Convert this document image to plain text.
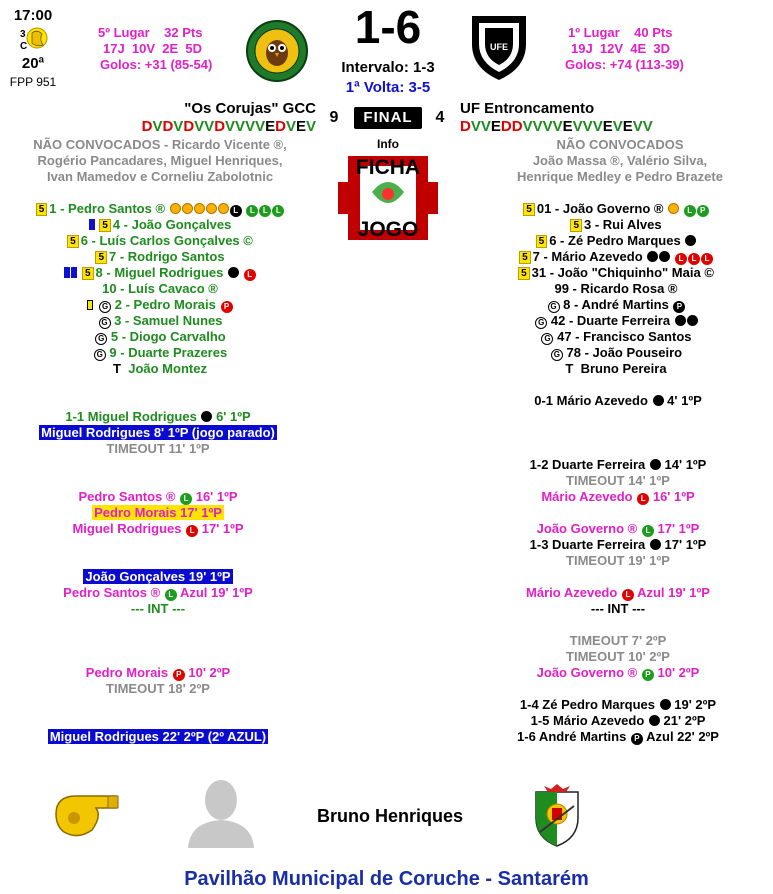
17:00
3
C
20ª
FPP 951
5º Lugar 32 Pts
17J  10V  2E  5D
Golos: +31 (85-54)
1-6
Intervalo: 1-3
1ª Volta: 3-5
UFE
1º Lugar 40 Pts
19J  12V  4E  3D
Golos: +74 (113-39)
"Os Corujas" GCC
DVDVDVVDVVVVEDVEV
9	FINAL	4
UF Entroncamento
DVVEDDVVVVEVVVEVEVV
Info
FICHA
JOGO
NÃO CONVOCADOS - Ricardo Vicente ®,
Rogério Pancadares, Miguel Henriques,
Ivan Mamedov e Corneliu Zabolotnic
NÃO CONVOCADOS
João Massa ®, Valério Silva,
Henrique Medley e Pedro Brazete
5 1 - Pedro Santos ®	L L L L
5 4 - João Gonçalves
5 6 - Luís Carlos Gonçalves ©
5 7 - Rodrigo Santos
5 8 - Miguel Rodrigues	L
10 - Luís Cavaco ®
G 2 - Pedro Morais P
G 3 - Samuel Nunes
G 5 - Diogo Carvalho
G 9 - Duarte Prazeres
T João Montez
5 01 - João Governo ®	L P
5 3 - Rui Alves
5 6 - Zé Pedro Marques
5 7 - Mário Azevedo	L L L
5 31 - João "Chiquinho" Maia ©
99 - Ricardo Rosa ®
G 8 - André Martins P
G 42 - Duarte Ferreira
G 47 - Francisco Santos
G 78 - João Pouseiro
T Bruno Pereira
1-1 Miguel Rodrigues 6' 1ºP
Miguel Rodrigues 8' 1ºP (jogo parado)
TIMEOUT 11' 1ºP
Pedro Santos ® L 16' 1ºP
Pedro Morais 17' 1ºP
Miguel Rodrigues L 17' 1ºP
João Gonçalves 19' 1ºP
Pedro Santos ® L Azul 19' 1ºP
--- INT ---
Pedro Morais P 10' 2ºP
TIMEOUT 18' 2ºP
Miguel Rodrigues 22' 2ºP (2º AZUL)
0-1 Mário Azevedo 4' 1ºP
1-2 Duarte Ferreira 14' 1ºP
TIMEOUT 14' 1ºP
Mário Azevedo L 16' 1ºP
João Governo ® L 17' 1ºP
1-3 Duarte Ferreira 17' 1ºP
TIMEOUT 19' 1ºP
Mário Azevedo L Azul 19' 1ºP
--- INT ---
TIMEOUT 7' 2ºP
TIMEOUT 10' 2ºP
João Governo ® P 10' 2ºP
1-4 Zé Pedro Marques 19' 2ºP
1-5 Mário Azevedo 21' 2ºP
1-6 André Martins P Azul 22' 2ºP
Bruno Henriques
Pavilhão Municipal de Coruche - Santarém
